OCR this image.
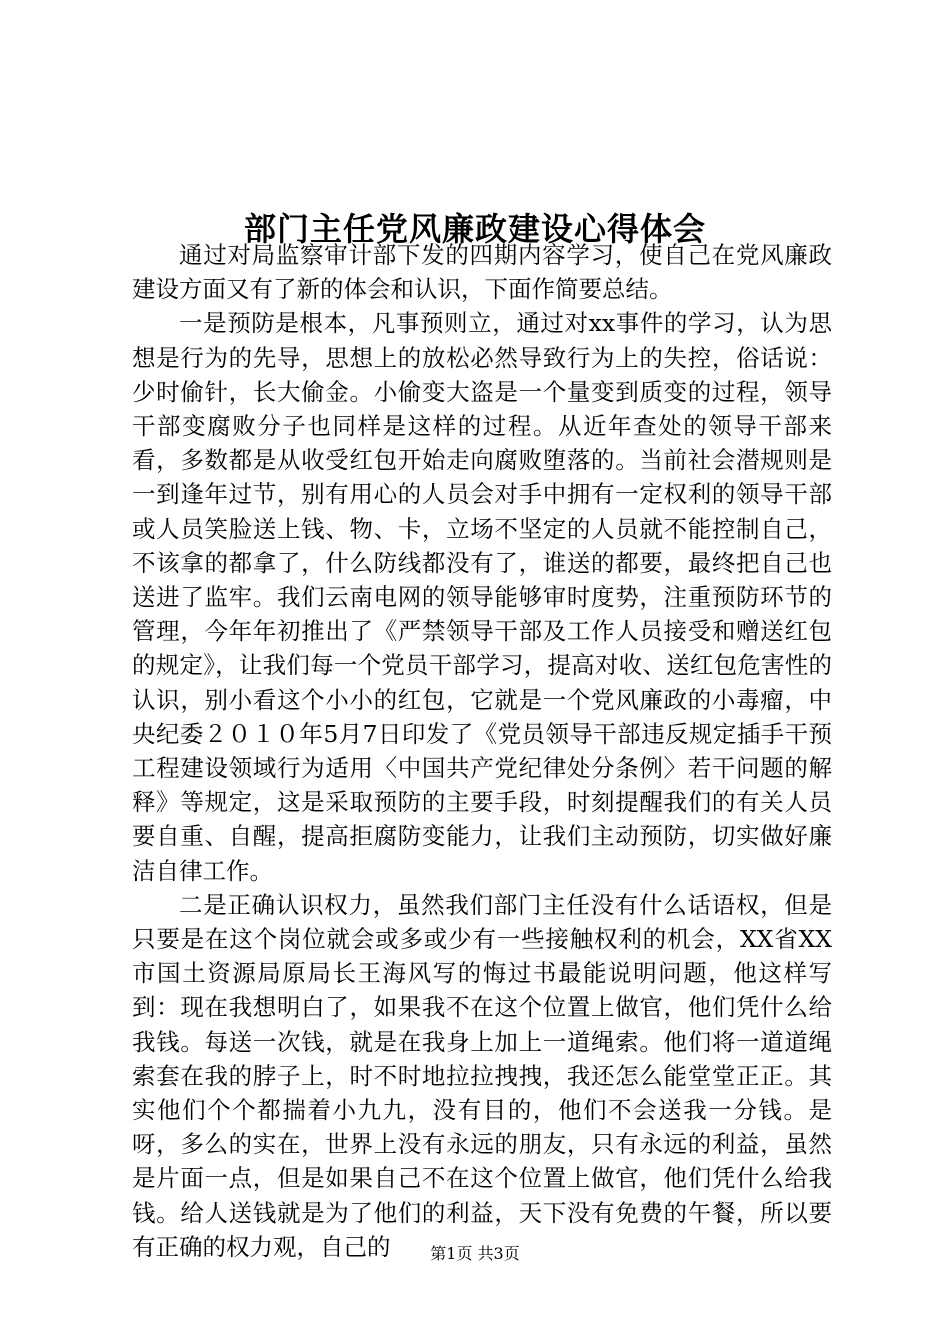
部门主任党风廉政建设心得体会

通过对局监察审计部下发的四期内容学习，使自己在党风廉政建设方面又有了新的体会和认识，下面作简要总结。

一是预防是根本，凡事预则立，通过对xx事件的学习，认为思想是行为的先导，思想上的放松必然导致行为上的失控，俗话说：少时偷针，长大偷金。小偷变大盗是一个量变到质变的过程，领导干部变腐败分子也同样是这样的过程。从近年查处的领导干部来看，多数都是从收受红包开始走向腐败堕落的。当前社会潜规则是一到逢年过节，别有用心的人员会对手中拥有一定权利的领导干部或人员笑脸送上钱、物、卡，立场不坚定的人员就不能控制自己，不该拿的都拿了，什么防线都没有了，谁送的都要，最终把自己也送进了监牢。我们云南电网的领导能够审时度势，注重预防环节的管理，今年年初推出了《严禁领导干部及工作人员接受和赠送红包的规定》，让我们每一个党员干部学习，提高对收、送红包危害性的认识，别小看这个小小的红包，它就是一个党风廉政的小毒瘤，中央纪委２０１０年5月7日印发了《党员领导干部违反规定插手干预工程建设领域行为适用〈中国共产党纪律处分条例〉若干问题的解释》等规定，这是采取预防的主要手段，时刻提醒我们的有关人员要自重、自醒，提高拒腐防变能力，让我们主动预防，切实做好廉洁自律工作。

二是正确认识权力，虽然我们部门主任没有什么话语权，但是只要是在这个岗位就会或多或少有一些接触权利的机会，XX省XX市国土资源局原局长王海风写的悔过书最能说明问题，他这样写到：现在我想明白了，如果我不在这个位置上做官，他们凭什么给我钱。每送一次钱，就是在我身上加上一道绳索。他们将一道道绳索套在我的脖子上，时不时地拉拉拽拽，我还怎么能堂堂正正。其实他们个个都揣着小九九，没有目的，他们不会送我一分钱。是呀，多么的实在，世界上没有永远的朋友，只有永远的利益，虽然是片面一点，但是如果自己不在这个位置上做官，他们凭什么给我钱。给人送钱就是为了他们的利益，天下没有免费的午餐，所以要有正确的权力观，自己的	第1页 共3页
